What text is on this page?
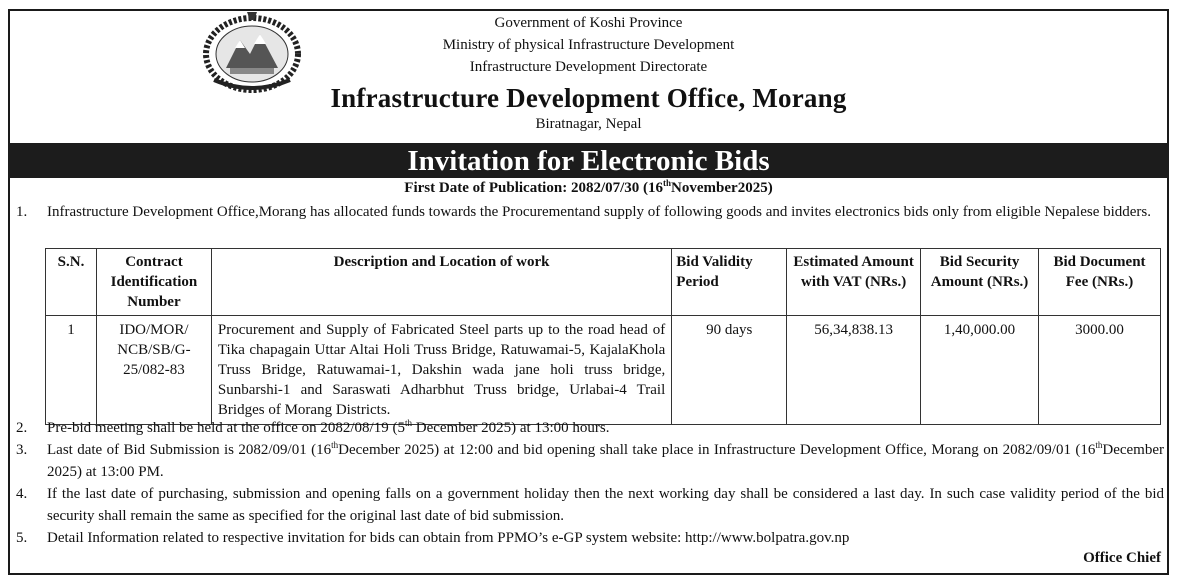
Government of Koshi Province
Ministry of physical Infrastructure Development
Infrastructure Development Directorate
Infrastructure Development Office, Morang
Biratnagar, Nepal
Invitation for Electronic Bids
First Date of Publication: 2082/07/30 (16thNovember2025)
1. Infrastructure Development Office,Morang has allocated funds towards the Procurementand supply of following goods and invites electronics bids only from eligible Nepalese bidders.
S.N.	Contract Identification Number	Description and Location of work	Bid Validity Period	Estimated Amount with VAT (NRs.)	Bid Security Amount (NRs.)	Bid Document Fee (NRs.)
1	IDO/MOR/ NCB/SB/G-25/082-83	Procurement and Supply of Fabricated Steel parts up to the road head of Tika chapagain Uttar Altai Holi Truss Bridge, Ratuwamai-5, KajalaKhola Truss Bridge, Ratuwamai-1, Dakshin wada jane holi truss bridge, Sunbarshi-1 and Saraswati Adharbhut Truss bridge, Urlabai-4 Trail Bridges of Morang Districts.	90 days	56,34,838.13	1,40,000.00	3000.00
2. Pre-bid meeting shall be held at the office on 2082/08/19 (5th December 2025) at 13:00 hours.
3. Last date of Bid Submission is 2082/09/01 (16thDecember 2025) at 12:00 and bid opening shall take place in Infrastructure Development Office, Morang on 2082/09/01 (16thDecember 2025) at 13:00 PM.
4. If the last date of purchasing, submission and opening falls on a government holiday then the next working day shall be considered a last day. In such case validity period of the bid security shall remain the same as specified for the original last date of bid submission.
5. Detail Information related to respective invitation for bids can obtain from PPMO’s e-GP system website: http://www.bolpatra.gov.np
Office Chief
